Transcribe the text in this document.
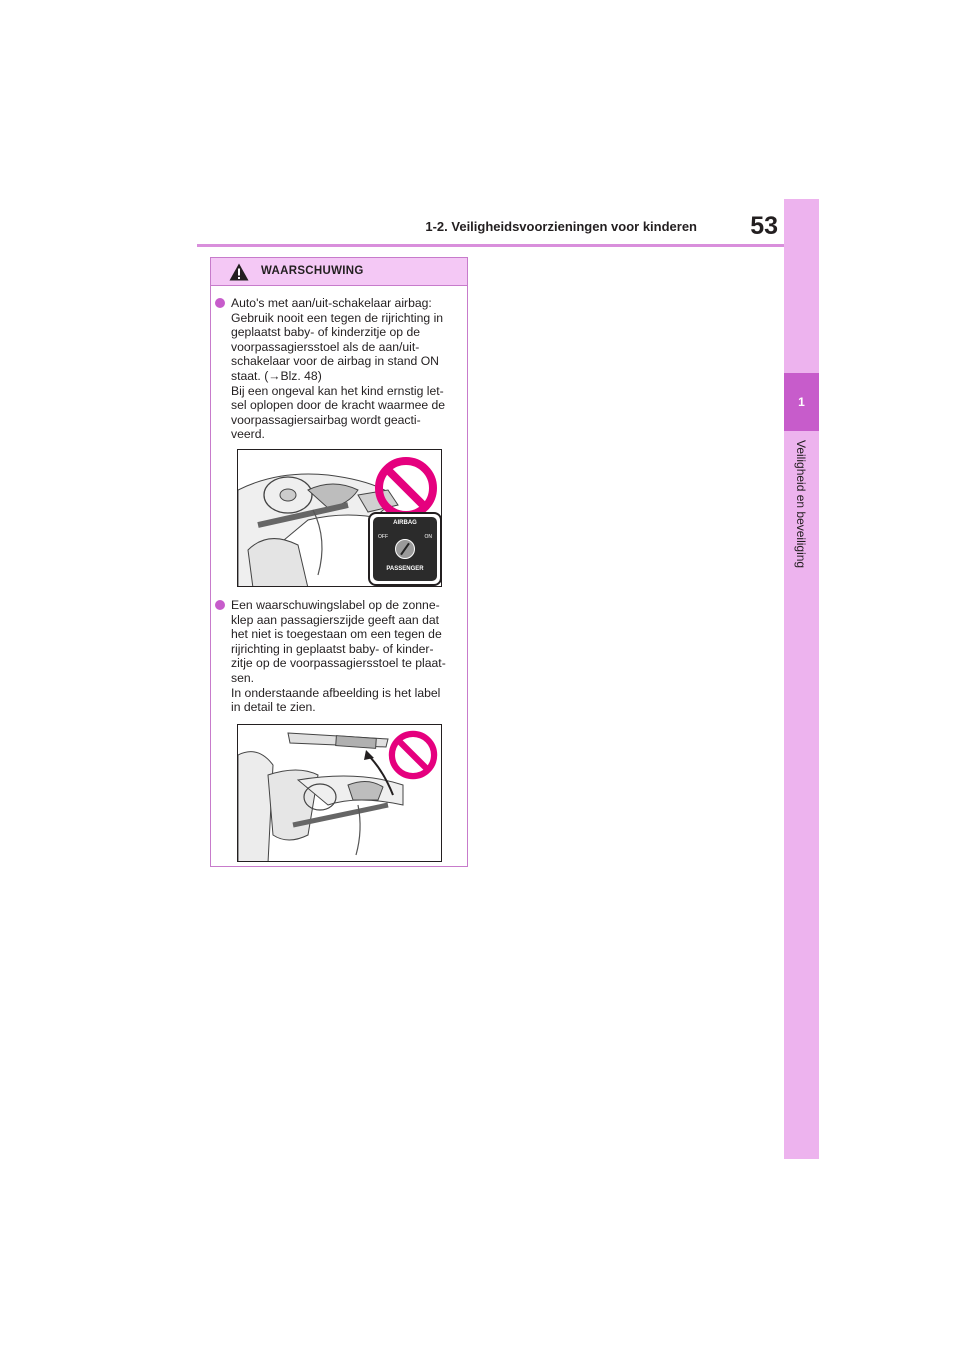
1-2. Veiligheidsvoorzieningen voor kinderen	53
1
Veiligheid en beveiliging
WAARSCHUWING
Auto's met aan/uit-schakelaar airbag:
Gebruik nooit een tegen de rijrichting in
geplaatst baby- of kinderzitje op de
voorpassagiersstoel als de aan/uit-
schakelaar voor de airbag in stand ON
staat. (→Blz. 48)
Bij een ongeval kan het kind ernstig let-
sel oplopen door de kracht waarmee de
voorpassagiersairbag wordt geacti-
veerd.
AIRBAG
OFF	ON
PASSENGER
Een waarschuwingslabel op de zonne-
klep aan passagierszijde geeft aan dat
het niet is toegestaan om een tegen de
rijrichting in geplaatst baby- of kinder-
zitje op de voorpassagiersstoel te plaat-
sen.
In onderstaande afbeelding is het label
in detail te zien.
